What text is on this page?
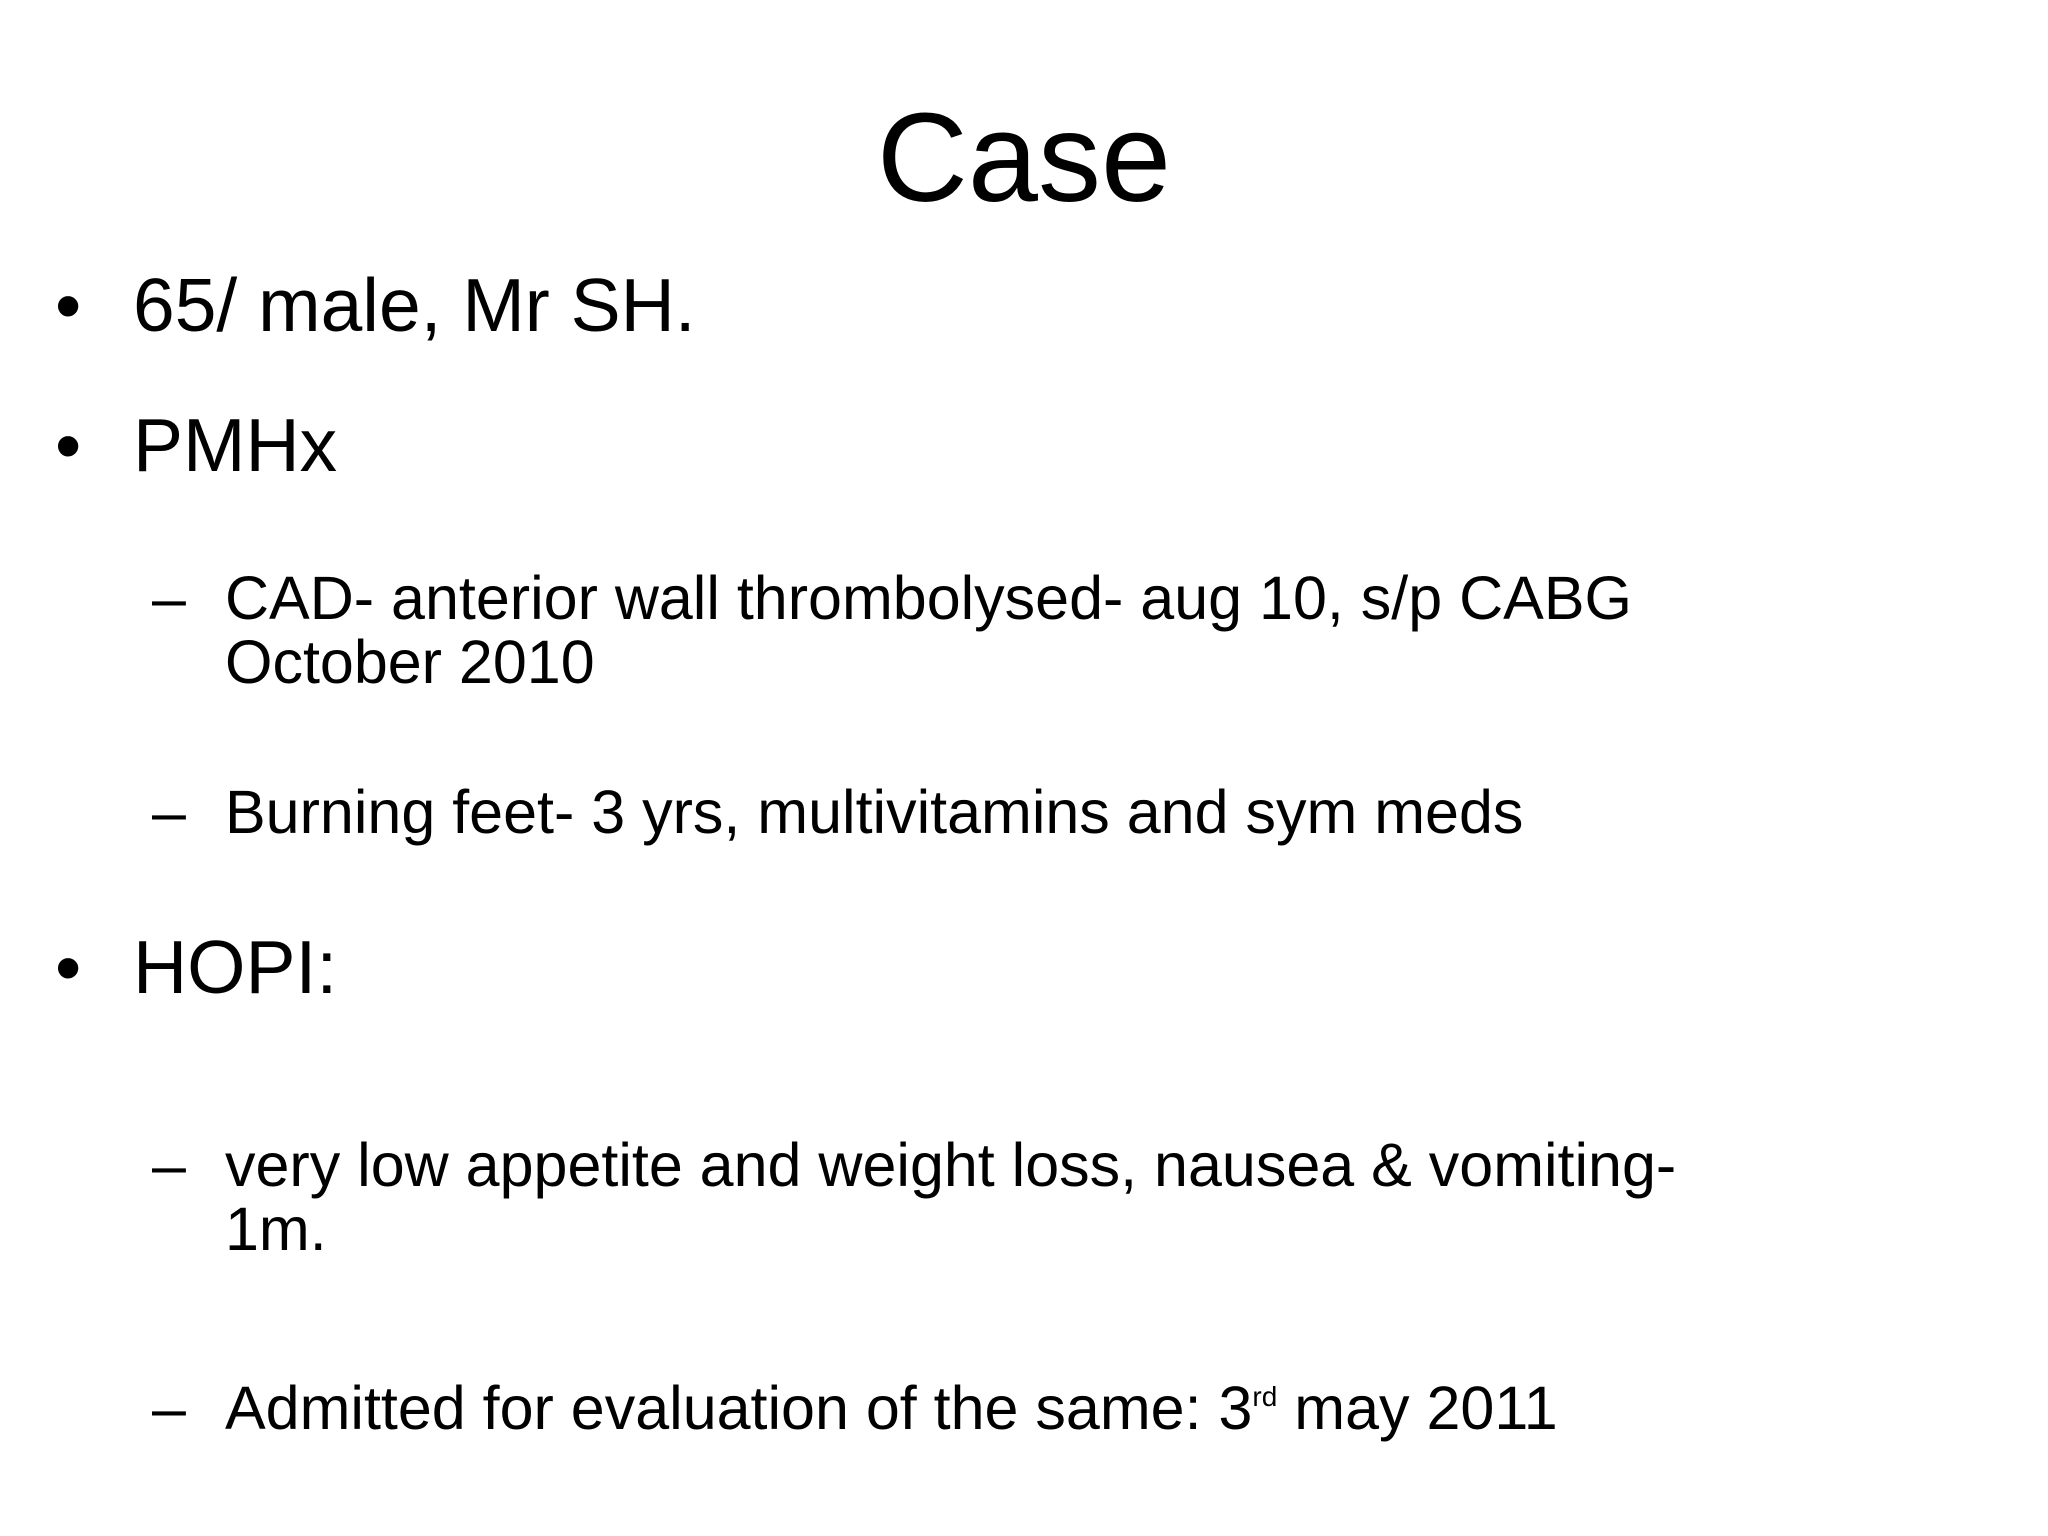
Case
• 65/ male, Mr SH.
• PMHx
– CAD- anterior wall thrombolysed- aug 10, s/p CABG
October 2010
– Burning feet- 3 yrs, multivitamins and sym meds
• HOPI:
– very low appetite and weight loss, nausea & vomiting-
1m.
– Admitted for evaluation of the same: 3rd may 2011
